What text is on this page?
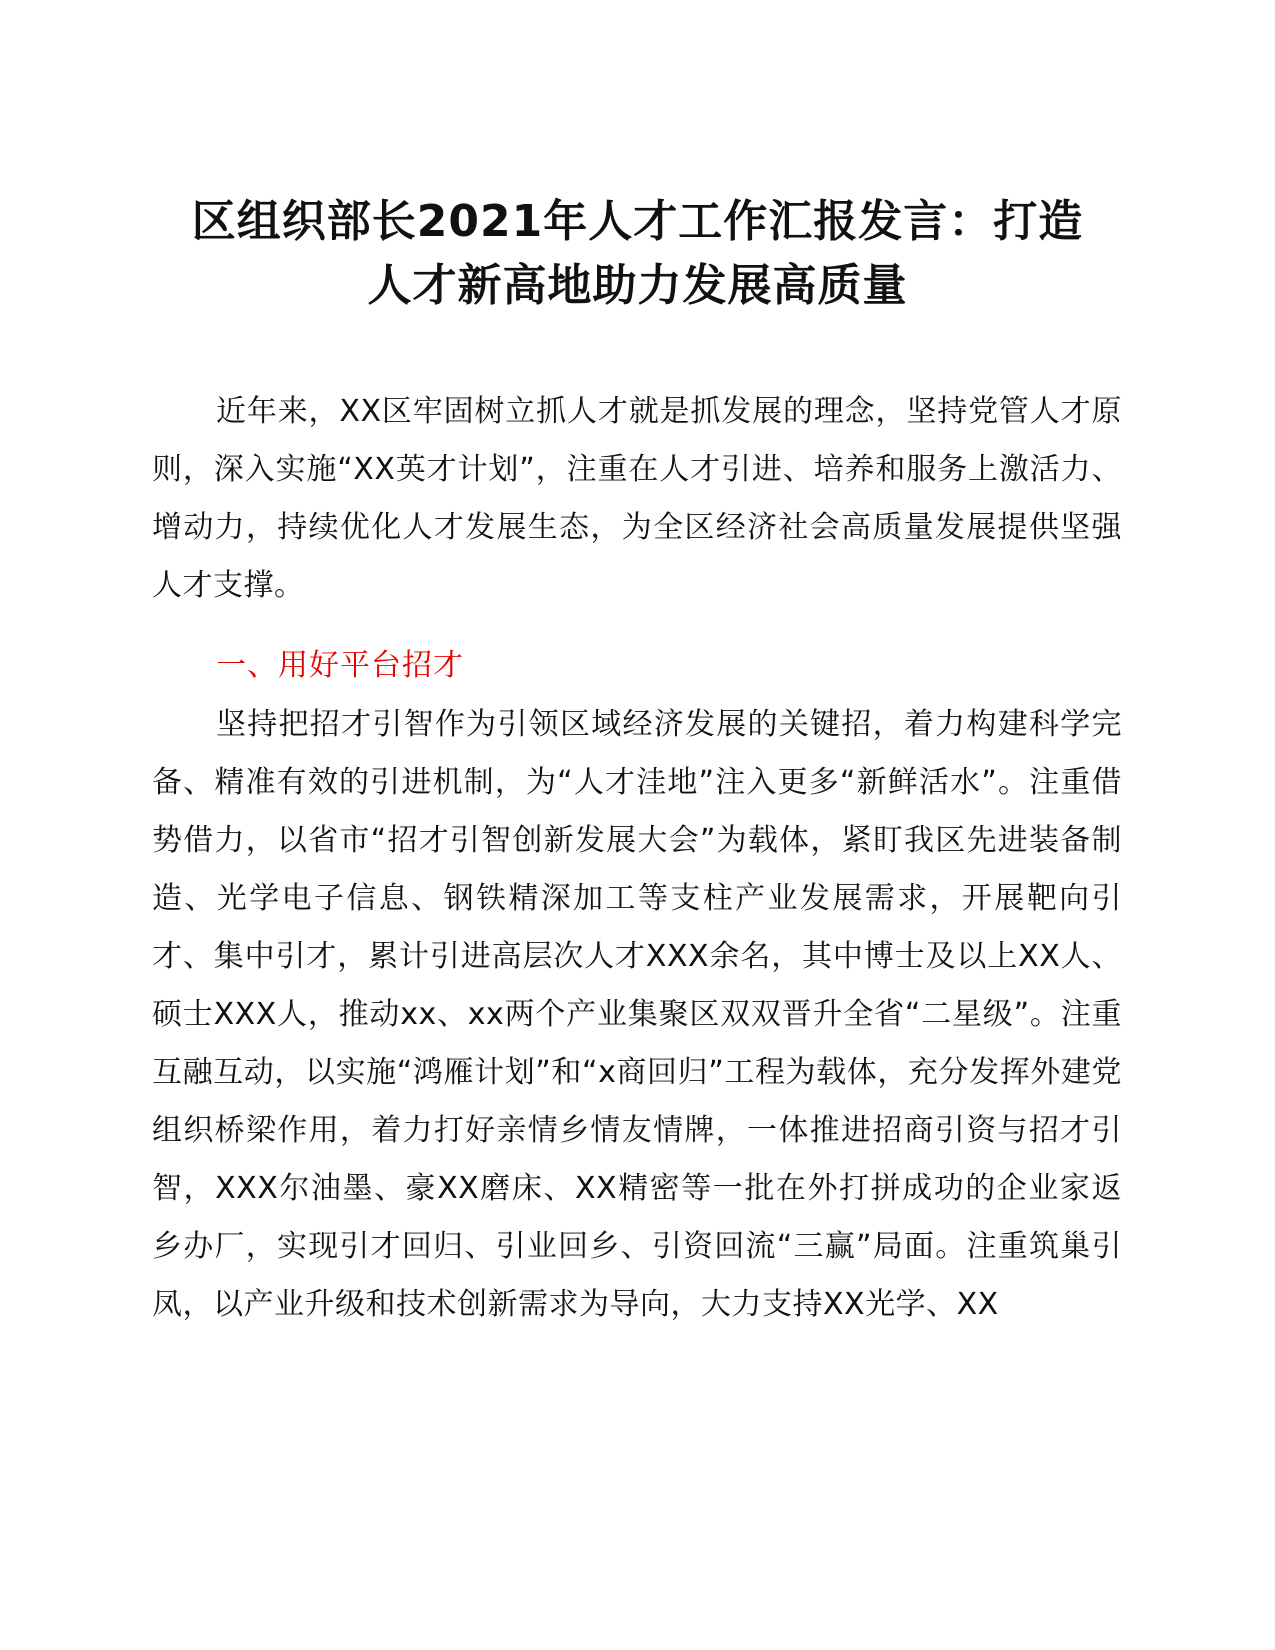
区组织部长2021年人才工作汇报发言：打造
人才新高地助力发展高质量

近年来，XX区牢固树立抓人才就是抓发展的理念，坚持党管人才原则，深入实施“XX英才计划”，注重在人才引进、培养和服务上激活力、增动力，持续优化人才发展生态，为全区经济社会高质量发展提供坚强人才支撑。

一、用好平台招才

坚持把招才引智作为引领区域经济发展的关键招，着力构建科学完备、精准有效的引进机制，为“人才洼地”注入更多“新鲜活水”。注重借势借力，以省市“招才引智创新发展大会”为载体，紧盯我区先进装备制造、光学电子信息、钢铁精深加工等支柱产业发展需求，开展靶向引才、集中引才，累计引进高层次人才XXX余名，其中博士及以上XX人、硕士XXX人，推动xx、xx两个产业集聚区双双晋升全省“二星级”。注重互融互动，以实施“鸿雁计划”和“x商回归”工程为载体，充分发挥外建党组织桥梁作用，着力打好亲情乡情友情牌，一体推进招商引资与招才引智，XXX尔油墨、豪XX磨床、XX精密等一批在外打拼成功的企业家返乡办厂，实现引才回归、引业回乡、引资回流“三赢”局面。注重筑巢引凤，以产业升级和技术创新需求为导向，大力支持XX光学、XX
